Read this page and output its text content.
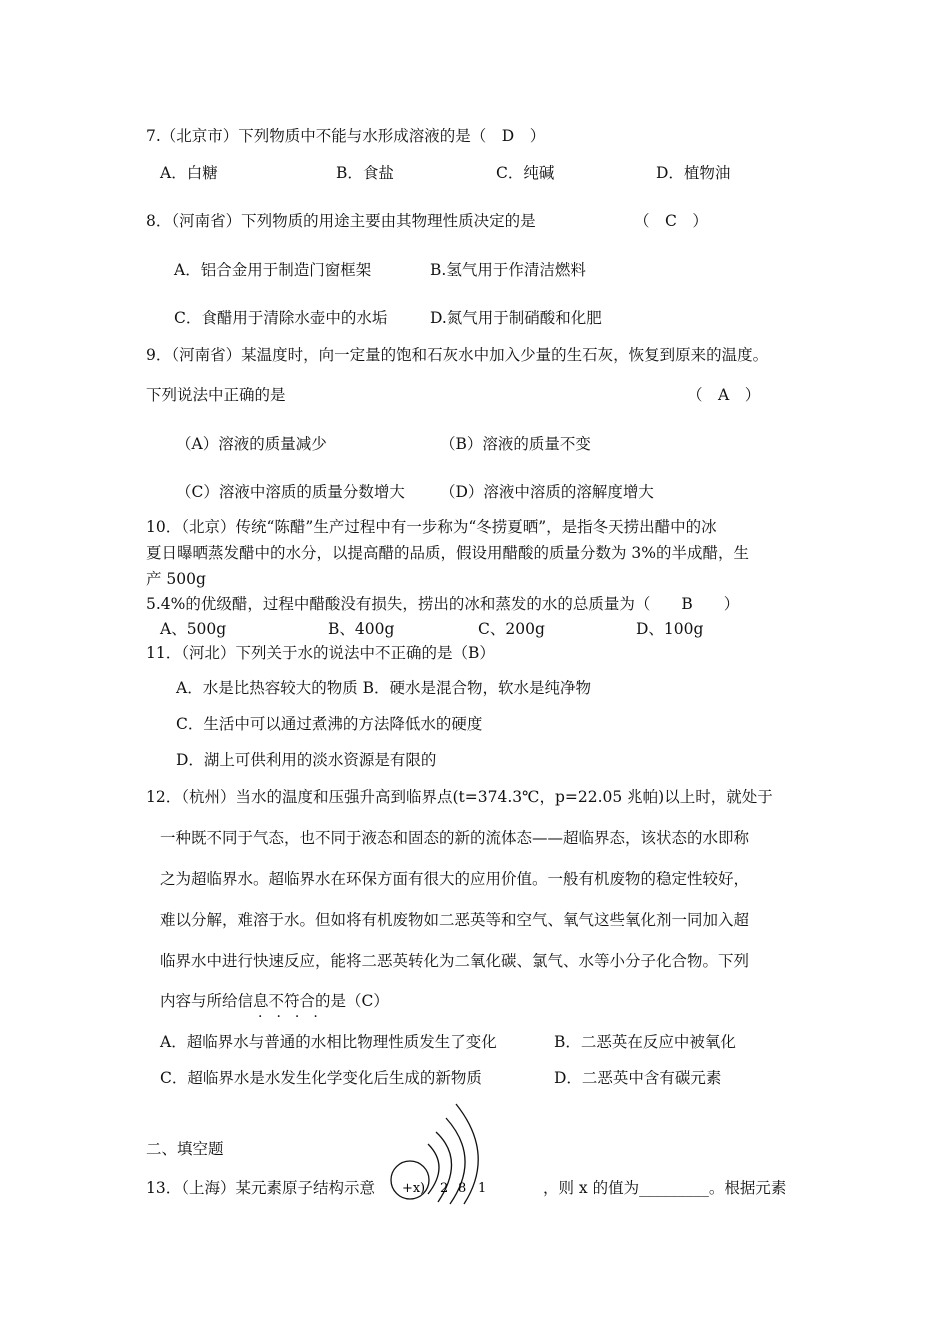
7.（北京市）下列物质中不能与水形成溶液的是（　D　）
A．白糖	B．食盐	C．纯碱	D．植物油
8．（河南省）下列物质的用途主要由其物理性质决定的是	（　C　）
A．铝合金用于制造门窗框架	B.氢气用于作清洁燃料
C．食醋用于清除水壶中的水垢	D.氮气用于制硝酸和化肥
9．（河南省）某温度时，向一定量的饱和石灰水中加入少量的生石灰，恢复到原来的温度。
下列说法中正确的是	（　A　）
（A）溶液的质量减少	（B）溶液的质量不变
（C）溶液中溶质的质量分数增大 （D）溶液中溶质的溶解度增大
10．（北京）传统“陈醋”生产过程中有一步称为“冬捞夏晒”，是指冬天捞出醋中的冰
夏日曝晒蒸发醋中的水分，以提高醋的品质，假设用醋酸的质量分数为 3%的半成醋，生
产 500g
5.4%的优级醋，过程中醋酸没有损失，捞出的冰和蒸发的水的总质量为（　　B　　）
A、500g	B、400g	C、200g	D、100g
11．（河北）下列关于水的说法中不正确的是（B）
A．水是比热容较大的物质 B．硬水是混合物，软水是纯净物
C．生活中可以通过煮沸的方法降低水的硬度
D．湖上可供利用的淡水资源是有限的
12．（杭州）当水的温度和压强升高到临界点(t=374.3℃，p=22.05 兆帕)以上时，就处于
一种既不同于气态，也不同于液态和固态的新的流体态——超临界态，该状态的水即称
之为超临界水。超临界水在环保方面有很大的应用价值。一般有机废物的稳定性较好，
难以分解，难溶于水。但如将有机废物如二恶英等和空气、氧气这些氧化剂一同加入超
临界水中进行快速反应，能将二恶英转化为二氧化碳、氯气、水等小分子化合物。下列
内容与所给信息不符合的是（C）
·　·　·　·
A．超临界水与普通的水相比物理性质发生了变化	B．二恶英在反应中被氧化
C．超临界水是水发生化学变化后生成的新物质	D．二恶英中含有碳元素
二、填空题
13．（上海）某元素原子结构示意 +x ) 2 8 1	，则 x 的值为_________。根据元素
